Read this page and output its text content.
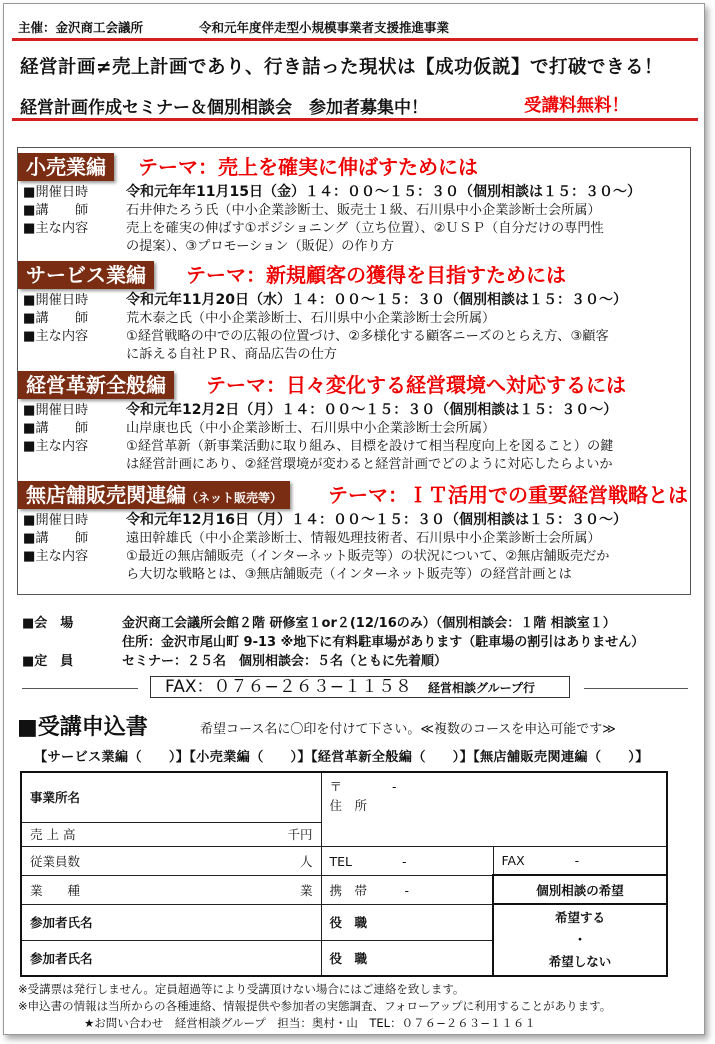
主催：金沢商工会議所	令和元年度伴走型小規模事業者支援推進事業
経営計画≠売上計画であり、行き詰った現状は【成功仮説】で打破できる！
経営計画作成セミナー＆個別相談会　参加者募集中！	受講料無料！
小売業編	テーマ：売上を確実に伸ばすためには
■開催日時	令和元年年11月15日（金）１４：００〜１５：３０（個別相談は１５：３０〜）
■講　　師	石井伸たろう氏（中小企業診断士、販売士１級、石川県中小企業診断士会所属）
■主な内容	売上を確実の伸ばす①ポジショニング（立ち位置）、②ＵＳＰ（自分だけの専門性
の提案）、③プロモーション（販促）の作り方
サービス業編	テーマ：新規顧客の獲得を目指すためには
■開催日時	令和元年11月20日（水）１４：００〜１５：３０（個別相談は１５：３０〜）
■講　　師	荒木泰之氏（中小企業診断士、石川県中小企業診断士会所属）
■主な内容	①経営戦略の中での広報の位置づけ、②多様化する顧客ニーズのとらえ方、③顧客
に訴える自社ＰＲ、商品広告の仕方
経営革新全般編	テーマ：日々変化する経営環境へ対応するには
■開催日時	令和元年12月2日（月）１４：００〜１５：３０（個別相談は１５：３０〜）
■講　　師	山岸康也氏（中小企業診断士、石川県中小企業診断士会所属）
■主な内容	①経営革新（新事業活動に取り組み、目標を設けて相当程度向上を図ること）の鍵
は経営計画にあり、②経営環境が変わると経営計画でどのように対応したらよいか
無店舗販売関連編（ネット販売等）	テーマ：ＩＴ活用での重要経営戦略とは
■開催日時	令和元年12月16日（月）１４：００〜１５：３０（個別相談は１５：３０〜）
■講　　師	遠田幹雄氏（中小企業診断士、情報処理技術者、石川県中小企業診断士会所属）
■主な内容	①最近の無店舗販売（インターネット販売等）の状況について、②無店舗販売だか
ら大切な戦略とは、③無店舗販売（インターネット販売等）の経営計画とは
■会　場	金沢商工会議所会館２階 研修室１or２(12/16のみ）（個別相談会：１階 相談室１）
住所：金沢市尾山町 9-13 ※地下に有料駐車場があります（駐車場の割引はありません）
■定　員	セミナー：２５名　個別相談会：５名（ともに先着順）
FAX：０７６−２６３−１１５８ 経営相談グループ行
■受講申込書	希望コース名に〇印を付けて下さい。≪複数のコースを申込可能です≫
【サービス業編（　　）】【小売業編（　　）】【経営革新全般編（　　）】【無店舗販売関連編（　　）】
事業所名	〒　　　　-
住　所	

売 上 高 千円		

従業員数 人	TEL　　　　-	FAX　　　　-
業　　種 業	携　帯　　　-	個別相談の希望
参加者氏名	役　職	希望する
・
希望しない

参加者氏名	役　職	
※受講票は発行しません。定員超過等により受講頂けない場合にはご連絡を致します。
※申込書の情報は当所からの各種連絡、情報提供や参加者の実態調査、フォローアップに利用することがあります。
★お問い合わせ　経営相談グループ　担当：奥村・山　TEL：０７６−２６３−１１６１
